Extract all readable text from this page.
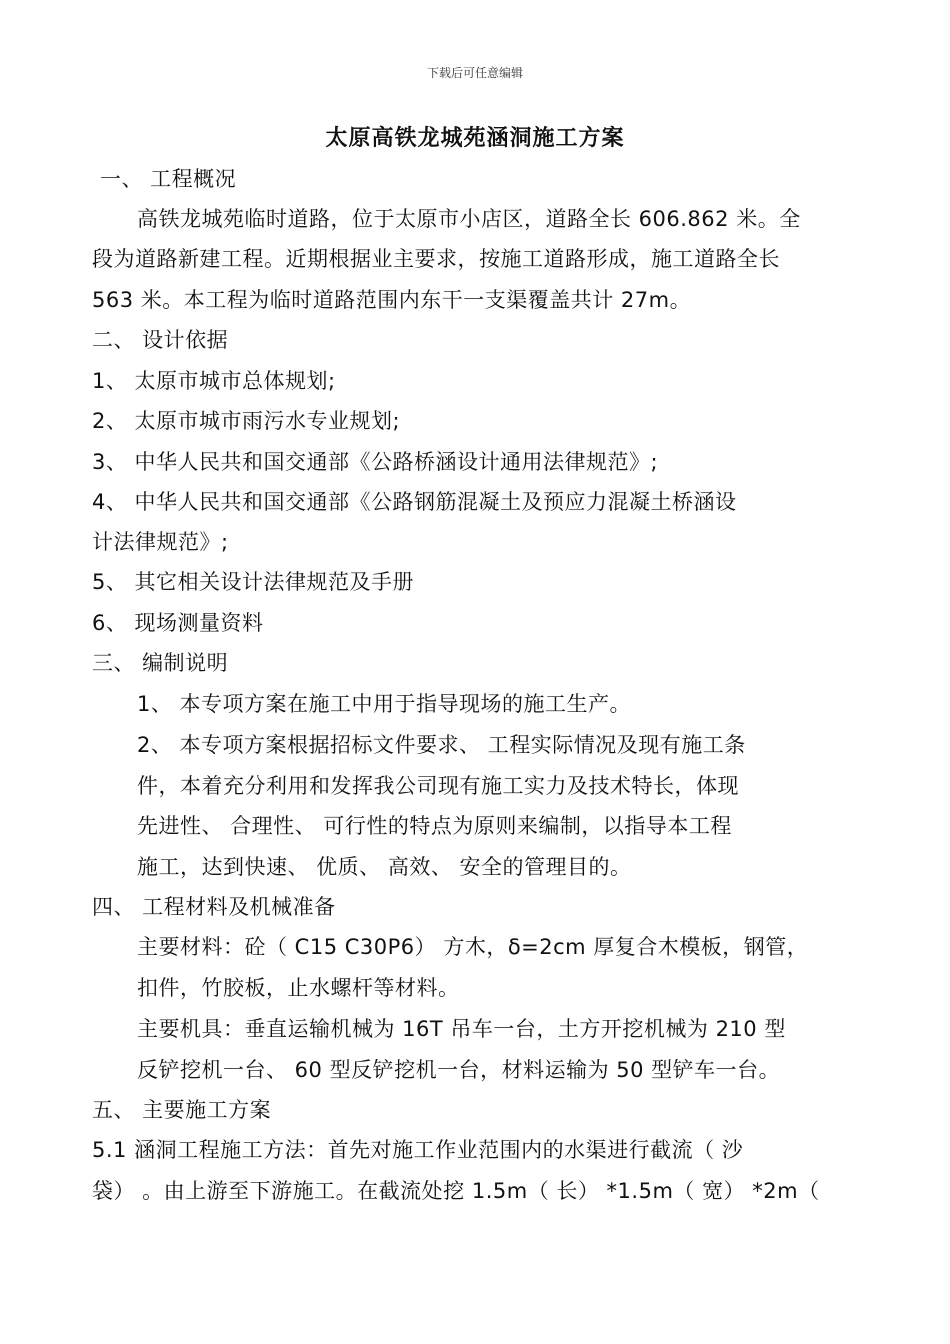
下载后可任意编辑
太原高铁龙城苑涵洞施工方案
一、 工程概况
高铁龙城苑临时道路，位于太原市小店区，道路全长 606.862 米。全
段为道路新建工程。近期根据业主要求，按施工道路形成，施工道路全长
563 米。本工程为临时道路范围内东干一支渠覆盖共计 27m。
二、 设计依据
1、 太原市城市总体规划;
2、 太原市城市雨污水专业规划;
3、 中华人民共和国交通部《公路桥涵设计通用法律规范》;
4、 中华人民共和国交通部《公路钢筋混凝土及预应力混凝土桥涵设
计法律规范》;
5、 其它相关设计法律规范及手册
6、 现场测量资料
三、 编制说明
1、 本专项方案在施工中用于指导现场的施工生产。
2、 本专项方案根据招标文件要求、 工程实际情况及现有施工条
件，本着充分利用和发挥我公司现有施工实力及技术特长，体现
先进性、 合理性、 可行性的特点为原则来编制，以指导本工程
施工，达到快速、 优质、 高效、 安全的管理目的。
四、 工程材料及机械准备
主要材料：砼（ C15 C30P6） 方木，δ=2cm 厚复合木模板，钢管，
扣件，竹胶板，止水螺杆等材料。
主要机具：垂直运输机械为 16T 吊车一台，土方开挖机械为 210 型
反铲挖机一台、 60 型反铲挖机一台，材料运输为 50 型铲车一台。
五、 主要施工方案
5.1 涵洞工程施工方法：首先对施工作业范围内的水渠进行截流（ 沙
袋） 。由上游至下游施工。在截流处挖 1.5m（ 长） *1.5m（ 宽） *2m（
